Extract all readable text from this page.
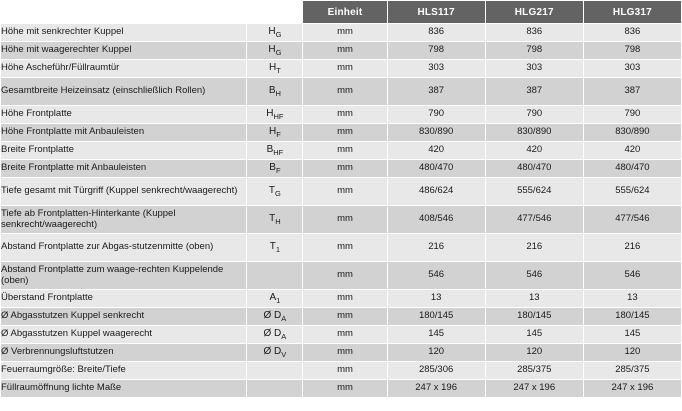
		Einheit	HLS117	HLG217	HLG317
Höhe mit senkrechter Kuppel	$H_G$	mm	836	836	836
Höhe mit waagerechter Kuppel	$H_G$	mm	798	798	798
Höhe Ascheführ/Füllraumtür	$H_T$	mm	303	303	303
Gesamtbreite Heizeinsatz (einschließlich Rollen)	$B_H$	mm	387	387	387
Höhe Frontplatte	$H_{HF}$	mm	790	790	790
Höhe Frontplatte mit Anbauleisten	$H_F$	mm	830/890	830/890	830/890
Breite Frontplatte	$B_{HF}$	mm	420	420	420
Breite Frontplatte mit Anbauleisten	$B_F$	mm	480/470	480/470	480/470
Tiefe gesamt mit Türgriff (Kuppel senkrecht/waagerecht)	$T_G$	mm	486/624	555/624	555/624
Tiefe ab Frontplatten-Hinterkante (Kuppel senkrecht/waagerecht)	$T_H$	mm	408/546	477/546	477/546
Abstand Frontplatte zur Abgas-stutzenmitte (oben)	$T_1$	mm	216	216	216
Abstand Frontplatte zum waage-rechten Kuppelende (oben)		mm	546	546	546
Überstand Frontplatte	$A_1$	mm	13	13	13
Ø Abgasstutzen Kuppel senkrecht	Ø $D_A$	mm	180/145	180/145	180/145
Ø Abgasstutzen Kuppel waagerecht	Ø $D_A$	mm	145	145	145
Ø Verbrennungsluftstutzen	Ø $D_V$	mm	120	120	120
Feuerraumgröße: Breite/Tiefe		mm	285/306	285/375	285/375
Füllraumöffnung lichte Maße		mm	247 x 196	247 x 196	247 x 196
